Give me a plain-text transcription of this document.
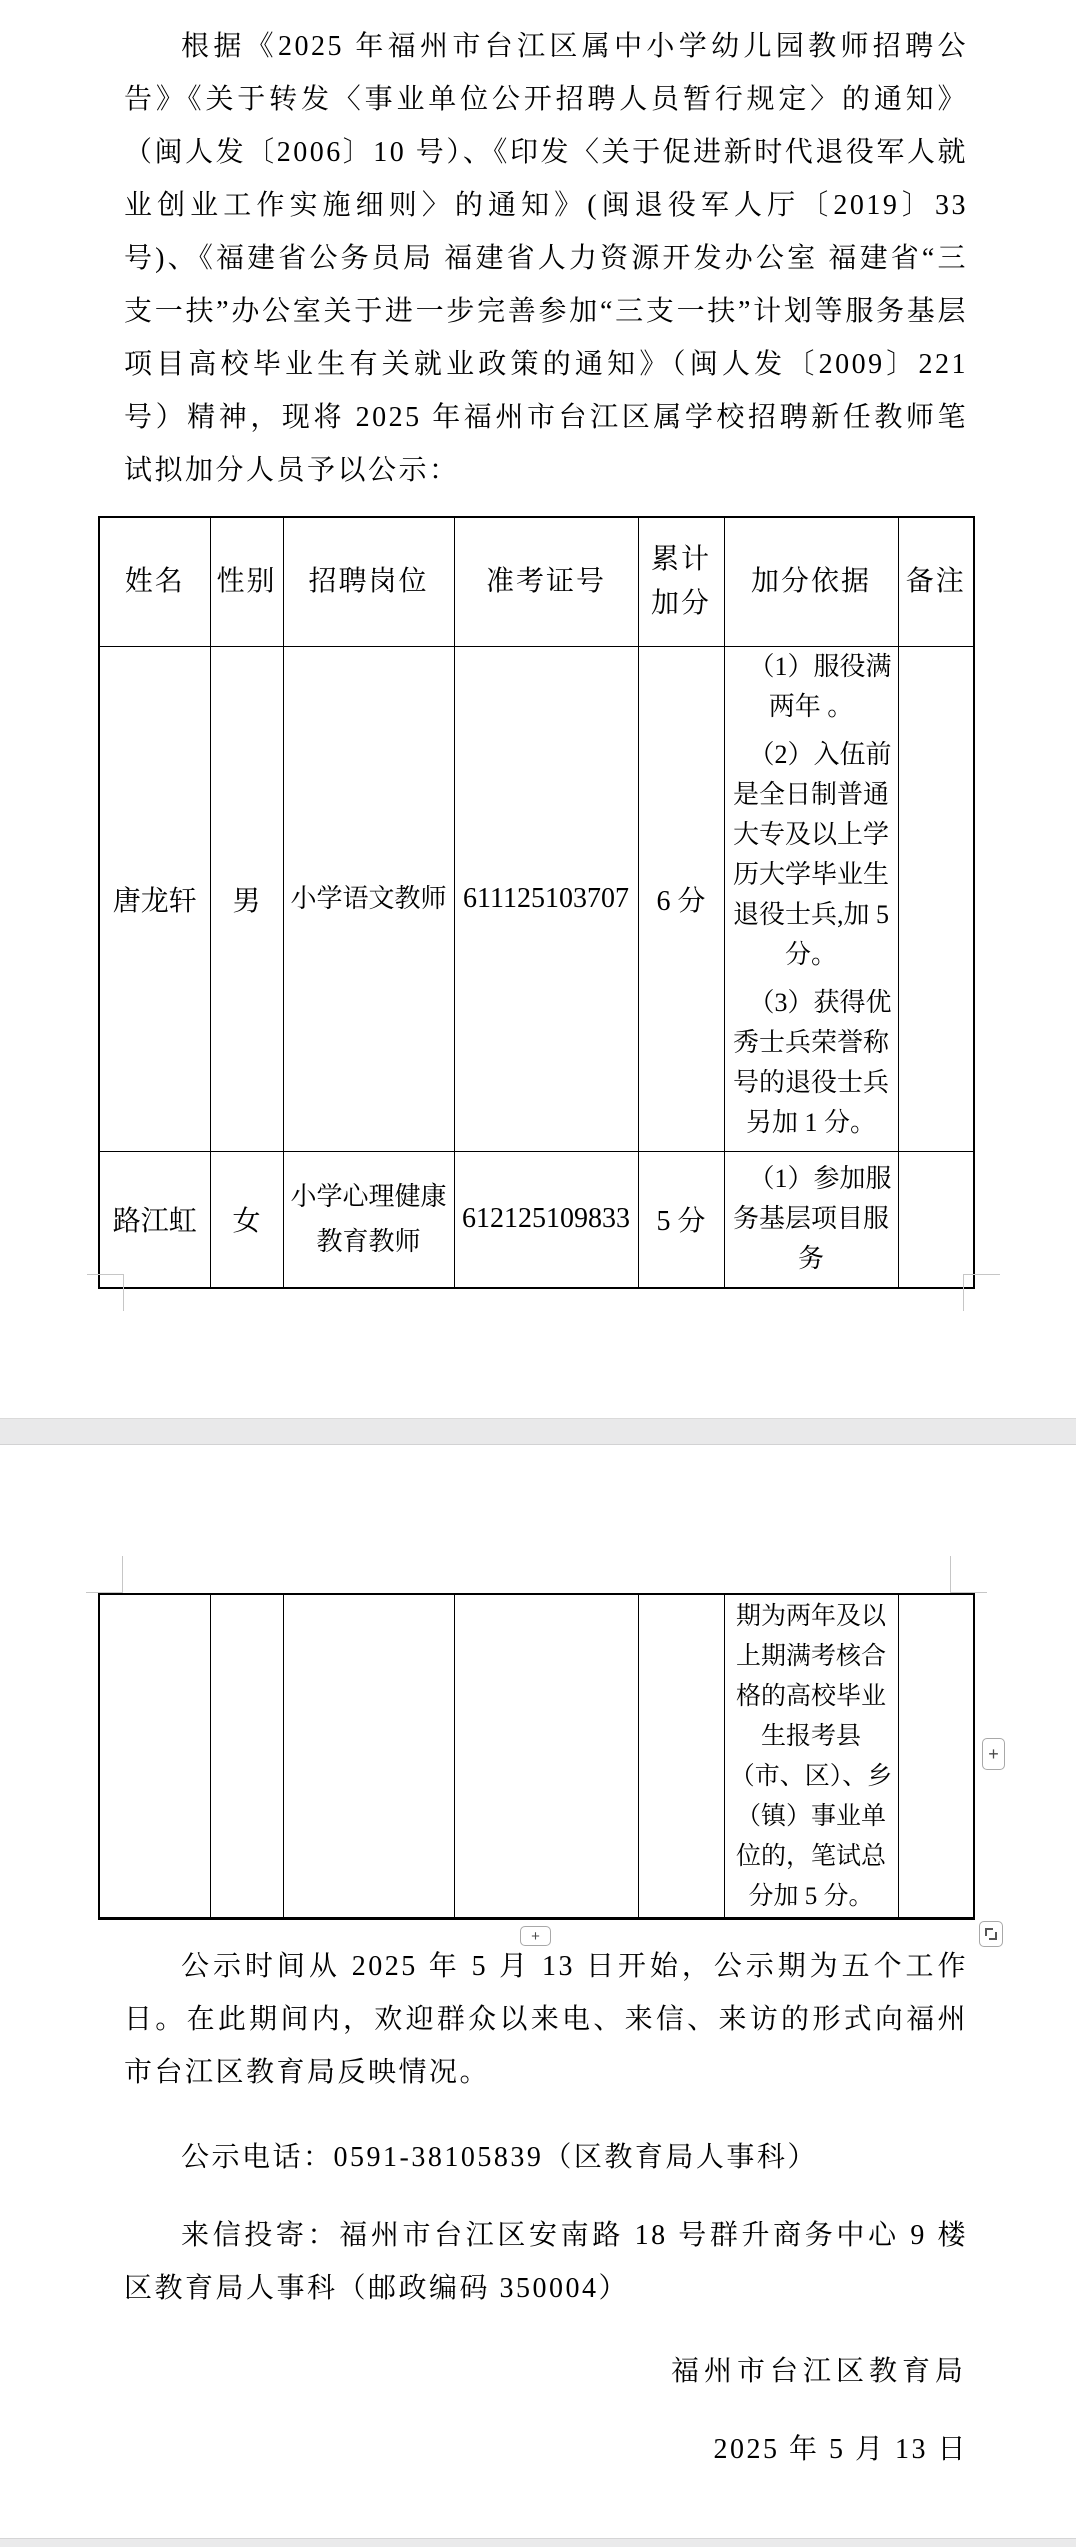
根据《2025 年福州市台江区属中小学幼儿园教师招聘公告》《关于转发〈事业单位公开招聘人员暂行规定〉的通知》（闽人发〔2006〕10 号）、《印发〈关于促进新时代退役军人就业创业工作实施细则〉的通知》(闽退役军人厅〔2019〕33 号)、《福建省公务员局 福建省人力资源开发办公室 福建省“三支一扶”办公室关于进一步完善参加“三支一扶”计划等服务基层项目高校毕业生有关就业政策的通知》（闽人发〔2009〕221 号）精神，现将 2025 年福州市台江区属学校招聘新任教师笔试拟加分人员予以公示：

姓名	性别	招聘岗位	准考证号	累计加分	加分依据	备注
唐龙轩	男	小学语文教师	611125103707	6 分	（1）服役满两年 。

（2）入伍前是全日制普通大专及以上学历大学毕业生退役士兵,加 5 分。

（3）获得优秀士兵荣誉称号的退役士兵另加 1 分。	

路江虹	女	小学心理健康教育教师	612125109833	5 分	（1）参加服务基层项目服务	

期为两年及以上期满考核合格的高校毕业生报考县（市、区）、乡（镇）事业单位的，笔试总分加 5 分。

公示时间从 2025 年 5 月 13 日开始，公示期为五个工作日。在此期间内，欢迎群众以来电、来信、来访的形式向福州市台江区教育局反映情况。

公示电话：0591-38105839（区教育局人事科）

来信投寄：福州市台江区安南路 18 号群升商务中心 9 楼区教育局人事科（邮政编码 350004）

福州市台江区教育局

2025 年 5 月 13 日

+
+
